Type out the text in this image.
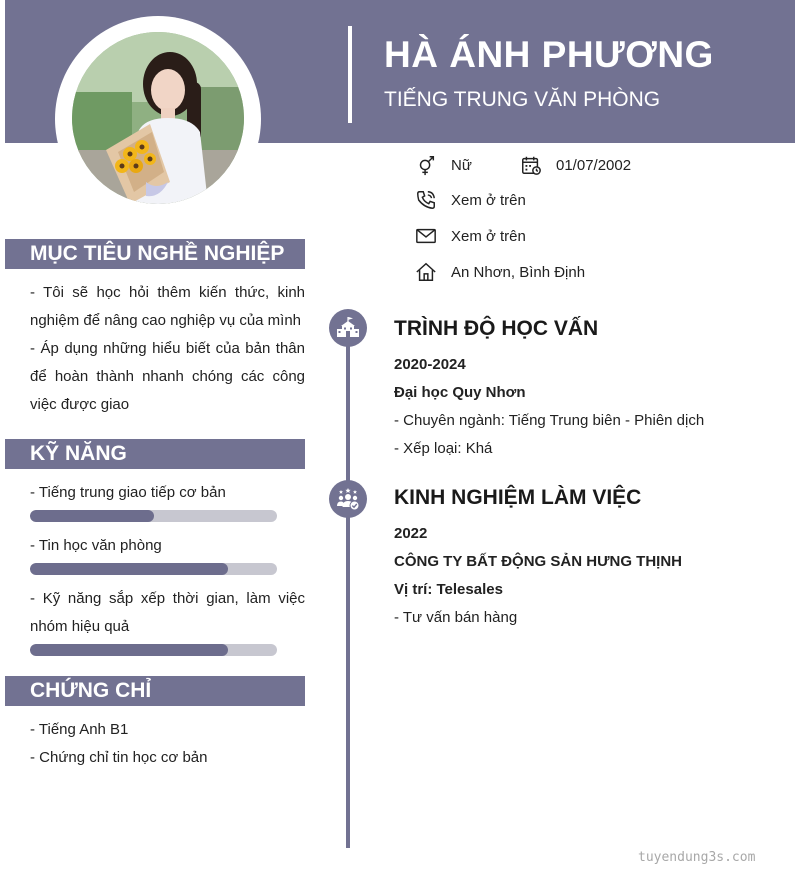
HÀ ÁNH PHƯƠNG
TIẾNG TRUNG VĂN PHÒNG
Nữ	01/07/2002
Xem ở trên
Xem ở trên
An Nhơn, Bình Định
MỤC TIÊU NGHỀ NGHIỆP
- Tôi sẽ học hỏi thêm kiến thức, kinh nghiệm để nâng cao nghiệp vụ của mình
- Áp dụng những hiểu biết của bản thân để hoàn thành nhanh chóng các công việc được giao
KỸ NĂNG
- Tiếng trung giao tiếp cơ bản
- Tin học văn phòng
- Kỹ năng sắp xếp thời gian, làm việc nhóm hiệu quả
CHỨNG CHỈ
- Tiếng Anh B1
- Chứng chỉ tin học cơ bản
TRÌNH ĐỘ HỌC VẤN
2020-2024
Đại học Quy Nhơn
- Chuyên ngành: Tiếng Trung biên - Phiên dịch
- Xếp loại: Khá
KINH NGHIỆM LÀM VIỆC
2022
CÔNG TY BẤT ĐỘNG SẢN HƯNG THỊNH
Vị trí: Telesales
- Tư vấn bán hàng
tuyendung3s.com
